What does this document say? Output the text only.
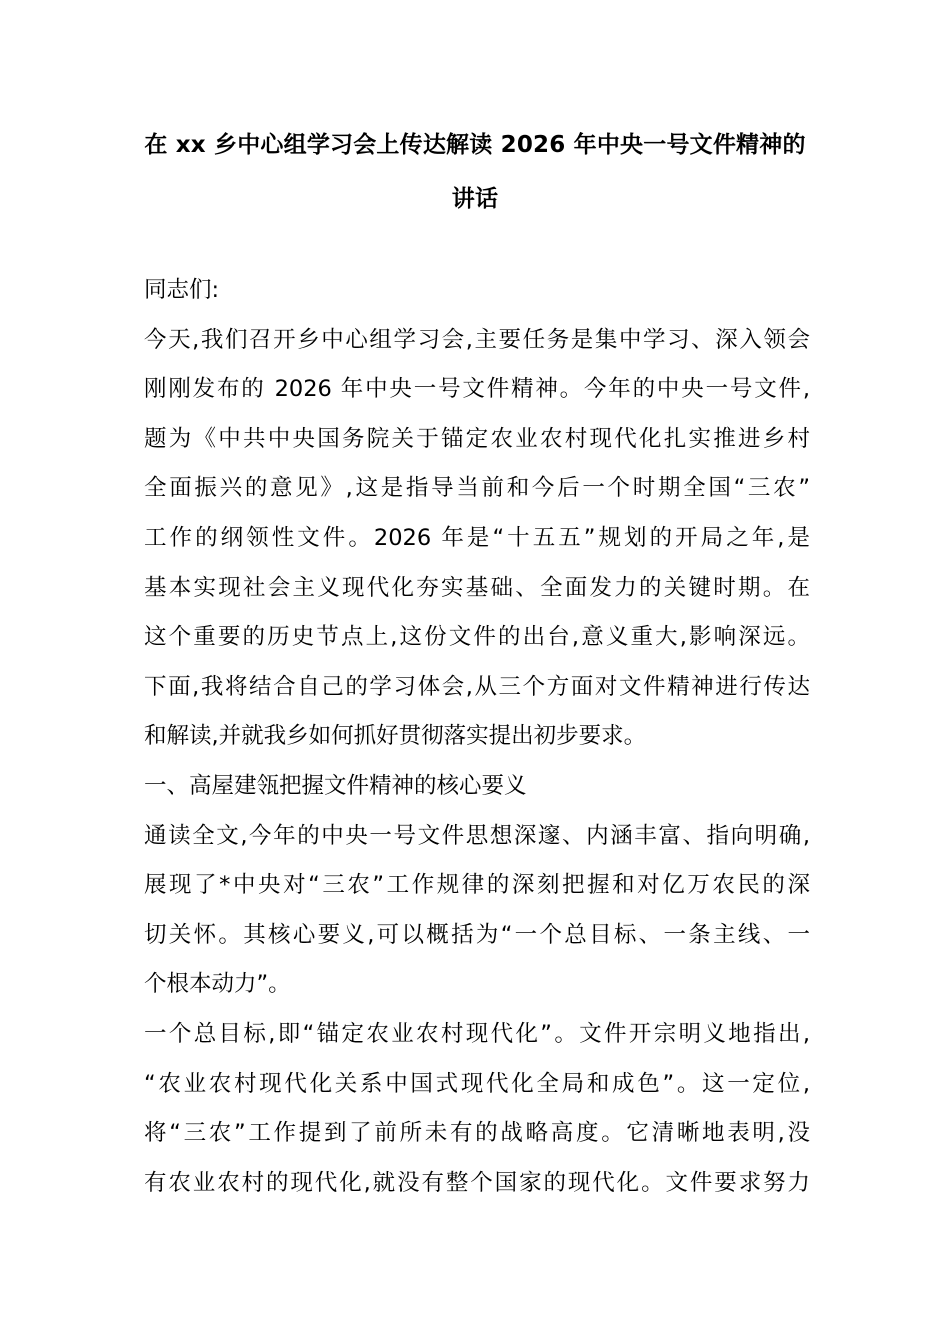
在 xx 乡中心组学习会上传达解读 2026 年中央一号文件精神的
讲话
同志们:
今天,我们召开乡中心组学习会,主要任务是集中学习、深入领会
刚刚发布的 2026 年中央一号文件精神。今年的中央一号文件,
题为《中共中央国务院关于锚定农业农村现代化扎实推进乡村
全面振兴的意见》,这是指导当前和今后一个时期全国“三农”
工作的纲领性文件。2026 年是“十五五”规划的开局之年,是
基本实现社会主义现代化夯实基础、全面发力的关键时期。在
这个重要的历史节点上,这份文件的出台,意义重大,影响深远。
下面,我将结合自己的学习体会,从三个方面对文件精神进行传达
和解读,并就我乡如何抓好贯彻落实提出初步要求。
一、高屋建瓴把握文件精神的核心要义
通读全文,今年的中央一号文件思想深邃、内涵丰富、指向明确,
展现了*中央对“三农”工作规律的深刻把握和对亿万农民的深
切关怀。其核心要义,可以概括为“一个总目标、一条主线、一
个根本动力”。
一个总目标,即“锚定农业农村现代化”。文件开宗明义地指出,
“农业农村现代化关系中国式现代化全局和成色”。这一定位,
将“三农”工作提到了前所未有的战略高度。它清晰地表明,没
有农业农村的现代化,就没有整个国家的现代化。文件要求努力
